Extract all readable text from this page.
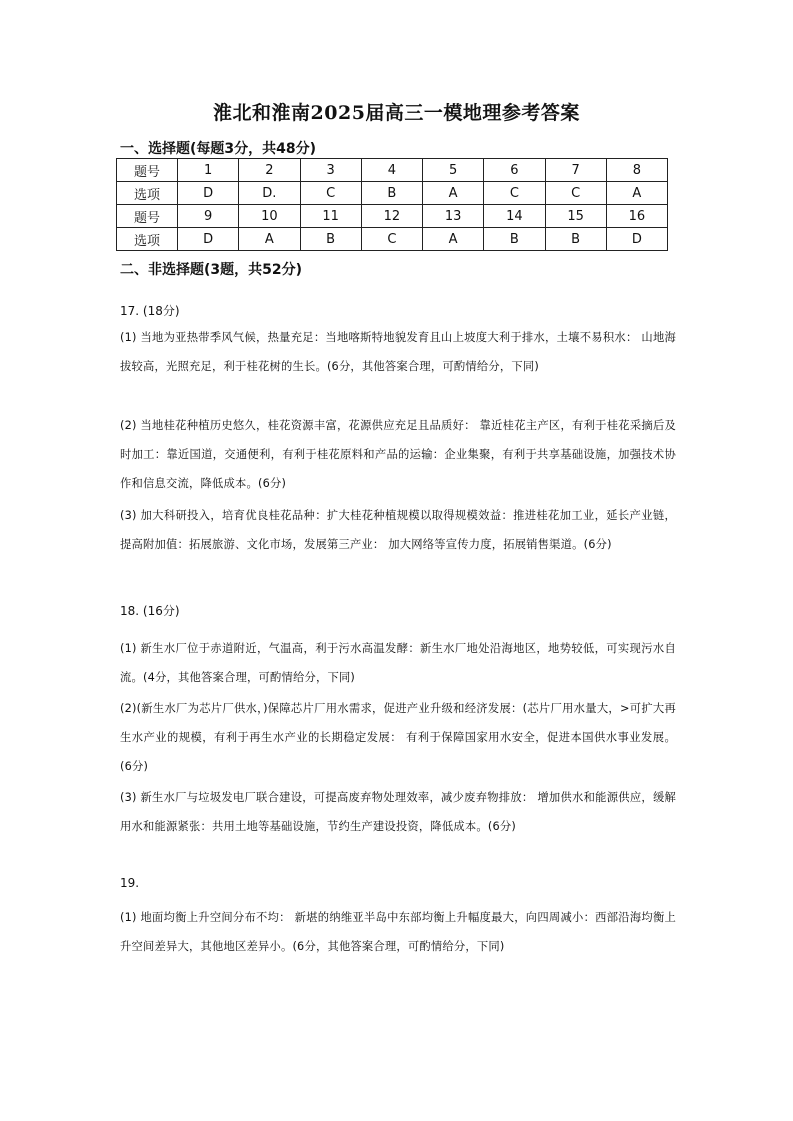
淮北和淮南2025届高三一模地理参考答案
一、选择题(每题3分，共48分)
题号	1	2	3	4	5	6	7	8
选项	D	D.	C	B	A	C	C	A
题号	9	10	11	12	13	14	15	16
选项	D	A	B	C	A	B	B	D
二、非选择题(3题，共52分)
17. (18分)
(1) 当地为亚热带季风气候，热量充足：当地喀斯特地貌发育且山上坡度大利于排水，土壤不易积水： 山地海拔较高，光照充足，利于桂花树的生长。(6分，其他答案合理，可酌情给分，下同)
(2) 当地桂花种植历史悠久，桂花资源丰富，花源供应充足且品质好： 靠近桂花主产区，有利于桂花采摘后及时加工：靠近国道，交通便利，有利于桂花原料和产品的运输：企业集聚，有利于共享基础设施，加强技术协作和信息交流，降低成本。(6分)
(3) 加大科研投入，培育优良桂花品种：扩大桂花种植规模以取得规模效益：推进桂花加工业，延长产业链，提高附加值：拓展旅游、文化市场，发展第三产业： 加大网络等宣传力度，拓展销售渠道。(6分)
18. (16分)
(1) 新生水厂位于赤道附近，气温高，利于污水高温发酵：新生水厂地处沿海地区，地势较低，可实现污水自流。(4分，其他答案合理，可酌情给分，下同)
(2)(新生水厂为芯片厂供水，)保障芯片厂用水需求，促进产业升级和经济发展：(芯片厂用水量大，>可扩大再生水产业的规模，有利于再生水产业的长期稳定发展： 有利于保障国家用水安全，促进本国供水事业发展。(6分)
(3) 新生水厂与垃圾发电厂联合建设，可提高废弃物处理效率，减少废弃物排放： 增加供水和能源供应，缓解用水和能源紧张：共用土地等基础设施，节约生产建设投资，降低成本。(6分)
19.
(1) 地面均衡上升空间分布不均： 新堪的纳维亚半岛中东部均衡上升幅度最大，向四周减小：西部沿海均衡上升空间差异大，其他地区差异小。(6分，其他答案合理，可酌情给分，下同)
